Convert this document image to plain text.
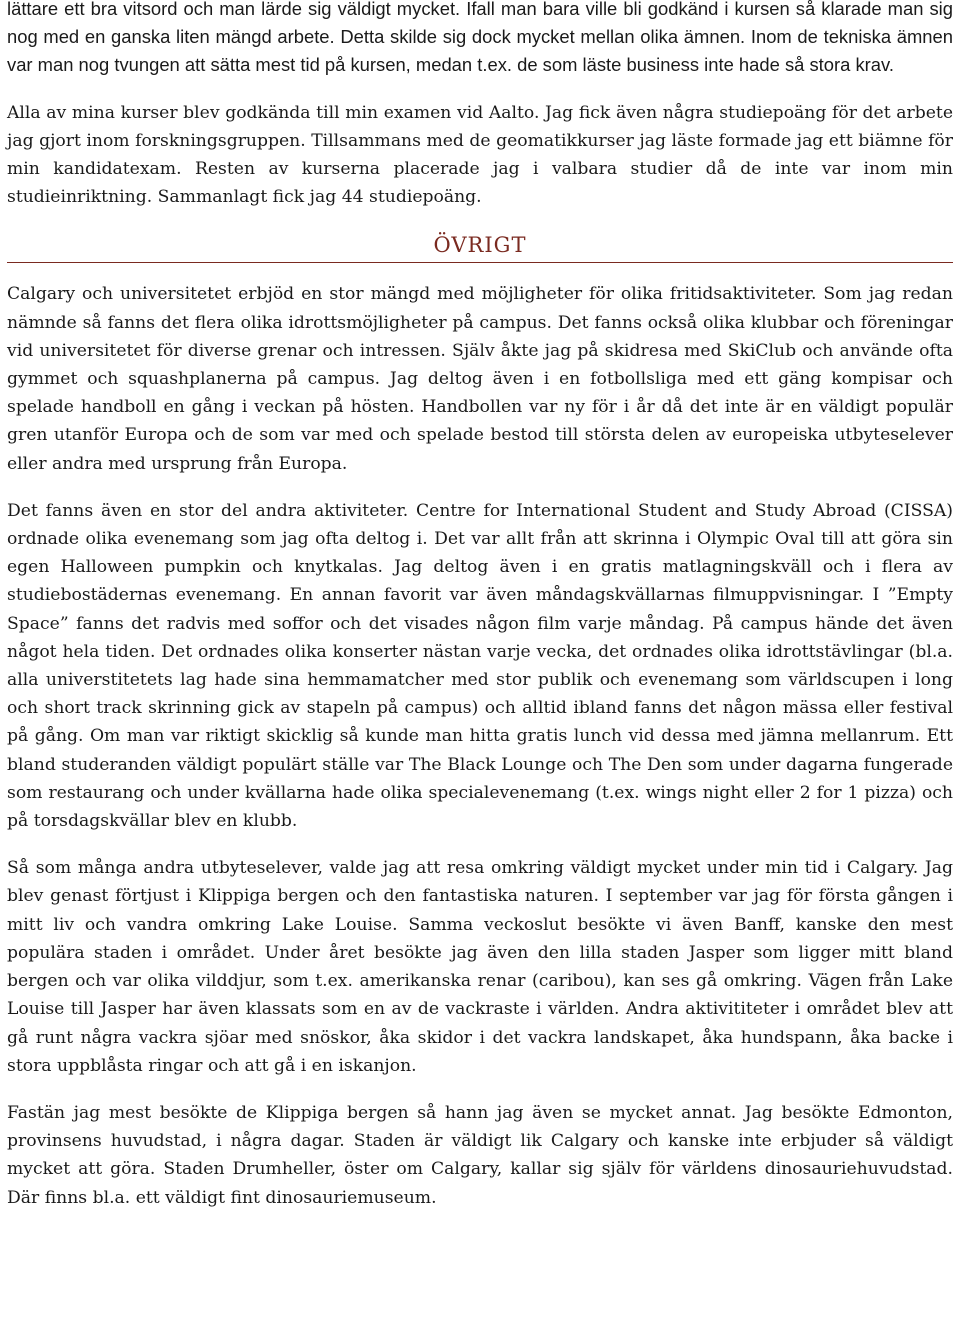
lättare ett bra vitsord och man lärde sig väldigt mycket. Ifall man bara ville bli godkänd i kursen så klarade man sig nog med en ganska liten mängd arbete. Detta skilde sig dock mycket mellan olika ämnen. Inom de tekniska ämnen var man nog tvungen att sätta mest tid på kursen, medan t.ex. de som läste business inte hade så stora krav.

Alla av mina kurser blev godkända till min examen vid Aalto. Jag fick även några studiepoäng för det arbete jag gjort inom forskningsgruppen. Tillsammans med de geomatikkurser jag läste formade jag ett biämne för min kandidatexam. Resten av kurserna placerade jag i valbara studier då de inte var inom min studieinriktning. Sammanlagt fick jag 44 studiepoäng.

ÖVRIGT

Calgary och universitetet erbjöd en stor mängd med möjligheter för olika fritidsaktiviteter. Som jag redan nämnde så fanns det flera olika idrottsmöjligheter på campus. Det fanns också olika klubbar och föreningar vid universitetet för diverse grenar och intressen. Själv åkte jag på skidresa med SkiClub och använde ofta gymmet och squashplanerna på campus. Jag deltog även i en fotbollsliga med ett gäng kompisar och spelade handboll en gång i veckan på hösten. Handbollen var ny för i år då det inte är en väldigt populär gren utanför Europa och de som var med och spelade bestod till största delen av europeiska utbyteselever eller andra med ursprung från Europa.

Det fanns även en stor del andra aktiviteter. Centre for International Student and Study Abroad (CISSA) ordnade olika evenemang som jag ofta deltog i. Det var allt från att skrinna i Olympic Oval till att göra sin egen Halloween pumpkin och knytkalas. Jag deltog även i en gratis matlagningskväll och i flera av studiebostädernas evenemang. En annan favorit var även måndagskvällarnas filmuppvisningar. I ”Empty Space” fanns det radvis med soffor och det visades någon film varje måndag. På campus hände det även något hela tiden. Det ordnades olika konserter nästan varje vecka, det ordnades olika idrottstävlingar (bl.a. alla universtitetets lag hade sina hemmamatcher med stor publik och evenemang som världscupen i long och short track skrinning gick av stapeln på campus) och alltid ibland fanns det någon mässa eller festival på gång. Om man var riktigt skicklig så kunde man hitta gratis lunch vid dessa med jämna mellanrum. Ett bland studeranden väldigt populärt ställe var The Black Lounge och The Den som under dagarna fungerade som restaurang och under kvällarna hade olika specialevenemang (t.ex. wings night eller 2 for 1 pizza) och på torsdagskvällar blev en klubb.

Så som många andra utbyteselever, valde jag att resa omkring väldigt mycket under min tid i Calgary. Jag blev genast förtjust i Klippiga bergen och den fantastiska naturen. I september var jag för första gången i mitt liv och vandra omkring Lake Louise. Samma veckoslut besökte vi även Banff, kanske den mest populära staden i området. Under året besökte jag även den lilla staden Jasper som ligger mitt bland bergen och var olika vilddjur, som t.ex. amerikanska renar (caribou), kan ses gå omkring. Vägen från Lake Louise till Jasper har även klassats som en av de vackraste i världen. Andra aktivititeter i området blev att gå runt några vackra sjöar med snöskor, åka skidor i det vackra landskapet, åka hundspann, åka backe i stora uppblåsta ringar och att gå i en iskanjon.

Fastän jag mest besökte de Klippiga bergen så hann jag även se mycket annat. Jag besökte Edmonton, provinsens huvudstad, i några dagar. Staden är väldigt lik Calgary och kanske inte erbjuder så väldigt mycket att göra. Staden Drumheller, öster om Calgary, kallar sig själv för världens dinosauriehuvudstad. Där finns bl.a. ett väldigt fint dinosauriemuseum.
